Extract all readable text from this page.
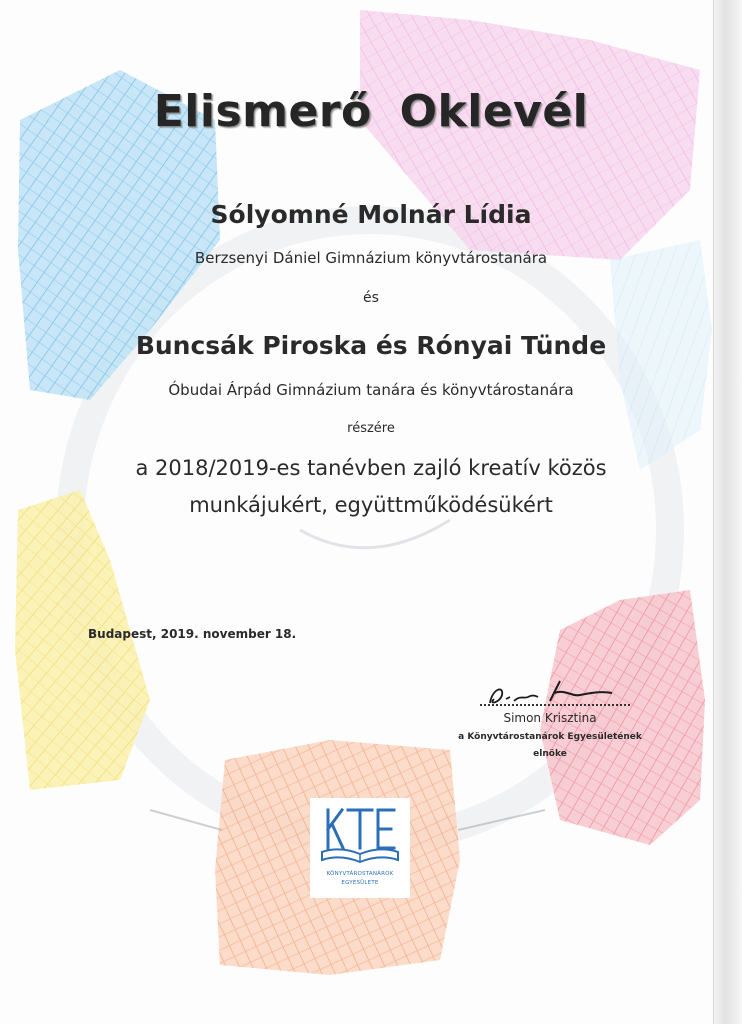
Elismerő Oklevél
Sólyomné Molnár Lídia
Berzsenyi Dániel Gimnázium könyvtárostanára
és
Buncsák Piroska és Rónyai Tünde
Óbudai Árpád Gimnázium tanára és könyvtárostanára
részére
a 2018/2019-es tanévben zajló kreatív közös
munkájukért, együttműködésükért
Budapest, 2019. november 18.
Simon Krisztina
a Könyvtárostanárok Egyesületének
elnöke
KÖNYVTÁROSTANÁROK
EGYESÜLETE
